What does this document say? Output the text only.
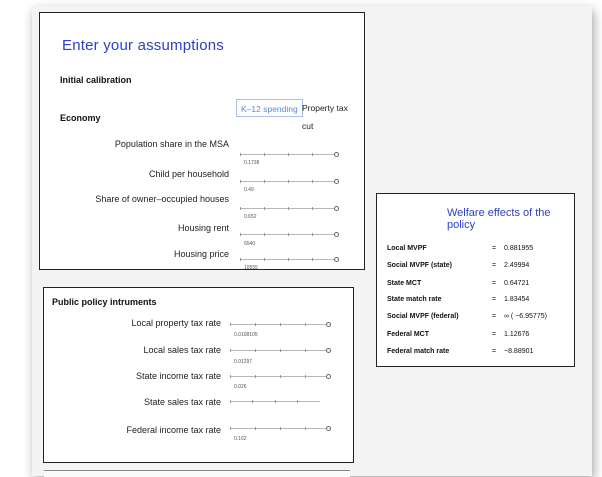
Enter your assumptions
Initial calibration
Economy
K–12 spending Property tax cut
Population share in the MSA
0.1738
Child per household
0.49
Share of owner–occupied houses
0.652
Housing rent
6540
Housing price
10555
Public policy intruments
Local property tax rate
0.0108105
Local sales tax rate
0.01297
State income tax rate
0.026
State sales tax rate
Federal income tax rate
0.162
Welfare effects of the policy
Local MVPF	= 0.881955
Social MVPF (state)	= 2.49994
State MCT	= 0.64721
State match rate	= 1.83454
Social MVPF (federal)	= ∞ ( −6.95775)
Federal MCT	= 1.12676
Federal match rate	= −8.88901
